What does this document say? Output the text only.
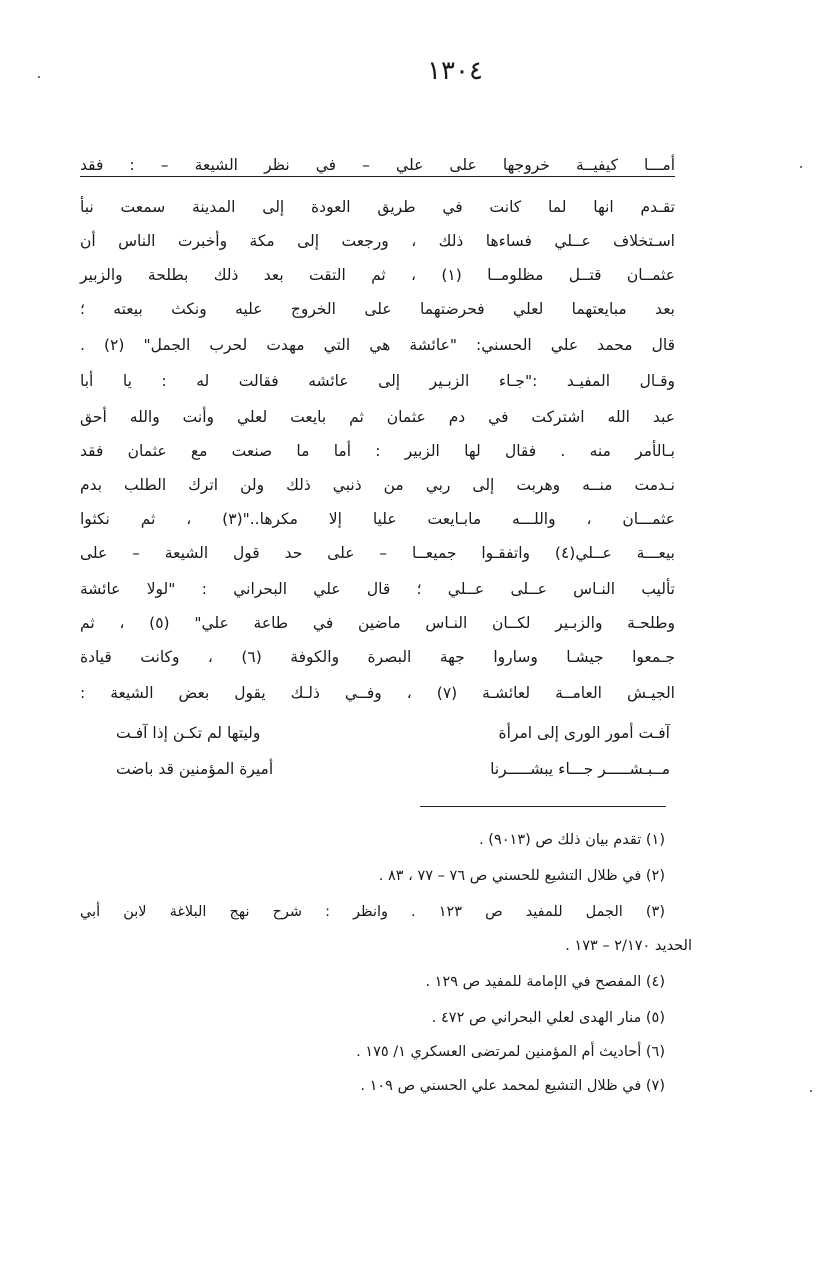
١٣٠٤
أمـــا كيفيــة خروجها على علي – في نظر الشيعة – : فقد
تقـدم انها لما كانت في طريق العودة إلى المدينة سمعت نبأ
اسـتخلاف عــلي فساءها ذلك ، ورجعت إلى مكة وأخبرت الناس أن
عثمــان قتــل مظلومــا (١) ، ثم التقت بعد ذلك بطلحة والزبير
بعد مبايعتهما لعلي فحرضتهما على الخروج عليه ونكث بيعته ؛
قال محمد علي الحسني: "عائشة هي التي مهدت لحرب الجمل" (٢) .
وقـال المفيـد :"جـاء الزبـير إلى عائشه فقالت له : يا أبا
عبد الله اشتركت في دم عثمان ثم بايعت لعلي وأنت والله أحق
بـالأمر منه . فقال لها الزبير : أما ما صنعت مع عثمان فقد
نـدمت منــه وهربت إلى ربي من ذنبي ذلك ولن اترك الطلب بدم
عثمـــان ، واللـــه مابـايعت عليا إلا مكرها.."(٣) ، ثم نكثوا
بيعـــة عــلي(٤) واتفقـوا جميعــا – على حد قول الشيعة – على
تأليب النـاس عــلى عــلي ؛ قال علي البحراني : "لولا عائشة
وطلحـة والزبـير لكــان النـاس ماضين في طاعة علي" (٥) ، ثم
جـمعوا جيشـا وساروا جهة البصرة والكوفة (٦) ، وكانت قيادة
الجيـش العامــة لعائشـة (٧) ، وفــي ذلـك يقول بعض الشيعة :
آفـت أمور الورى إلى امرأة
وليتها لم تكـن إذا آفـت
مــبـشـــــر جـــاء يبشـــــرنا
أميرة المؤمنين قد باضت
(١) تقدم بيان ذلك ص (٩٠١٣) .
(٢) في ظلال التشيع للحسني ص ٧٦ – ٧٧ ، ٨٣ .
(٣) الجمل للمفيد ص ١٢٣ . وانظر : شرح نهج البلاغة لابن أبي
الحديد ٢/١٧٠ – ١٧٣ .
(٤) المفصح في الإمامة للمفيد ص ١٢٩ .
(٥) منار الهدى لعلي البحراني ص ٤٧٢ .
(٦) أحاديث أم المؤمنين لمرتضى العسكري ١/ ١٧٥ .
(٧) في ظلال التشيع لمحمد علي الحسني ص ١٠٩ .
